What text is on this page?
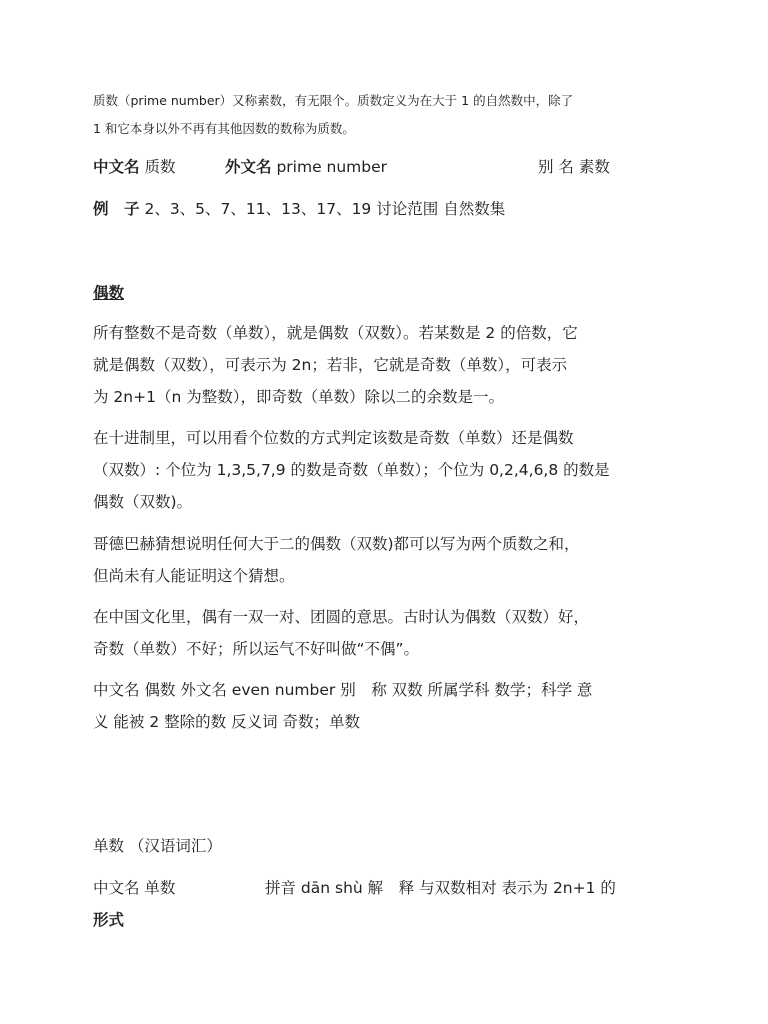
质数（prime number）又称素数，有无限个。质数定义为在大于 1 的自然数中，除了
1 和它本身以外不再有其他因数的数称为质数。
中文名 质数	外文名 prime number	别 名 素数
例　子 2、3、5、7、11、13、17、19 讨论范围 自然数集
偶数
所有整数不是奇数（单数），就是偶数（双数）。若某数是 2 的倍数，它
就是偶数（双数），可表示为 2n；若非，它就是奇数（单数），可表示
为 2n+1（n 为整数），即奇数（单数）除以二的余数是一。
在十进制里，可以用看个位数的方式判定该数是奇数（单数）还是偶数
（双数）: 个位为 1,3,5,7,9 的数是奇数（单数）；个位为 0,2,4,6,8 的数是
偶数（双数)。
哥德巴赫猜想说明任何大于二的偶数（双数)都可以写为两个质数之和，
但尚未有人能证明这个猜想。
在中国文化里，偶有一双一对、团圆的意思。古时认为偶数（双数）好，
奇数（单数）不好；所以运气不好叫做“不偶”。
中文名 偶数 外文名 even number 别　称 双数 所属学科 数学；科学 意
义 能被 2 整除的数 反义词 奇数；单数
单数 （汉语词汇）
中文名 单数	拼音 dān shù 解　释 与双数相对 表示为 2n+1 的
形式
